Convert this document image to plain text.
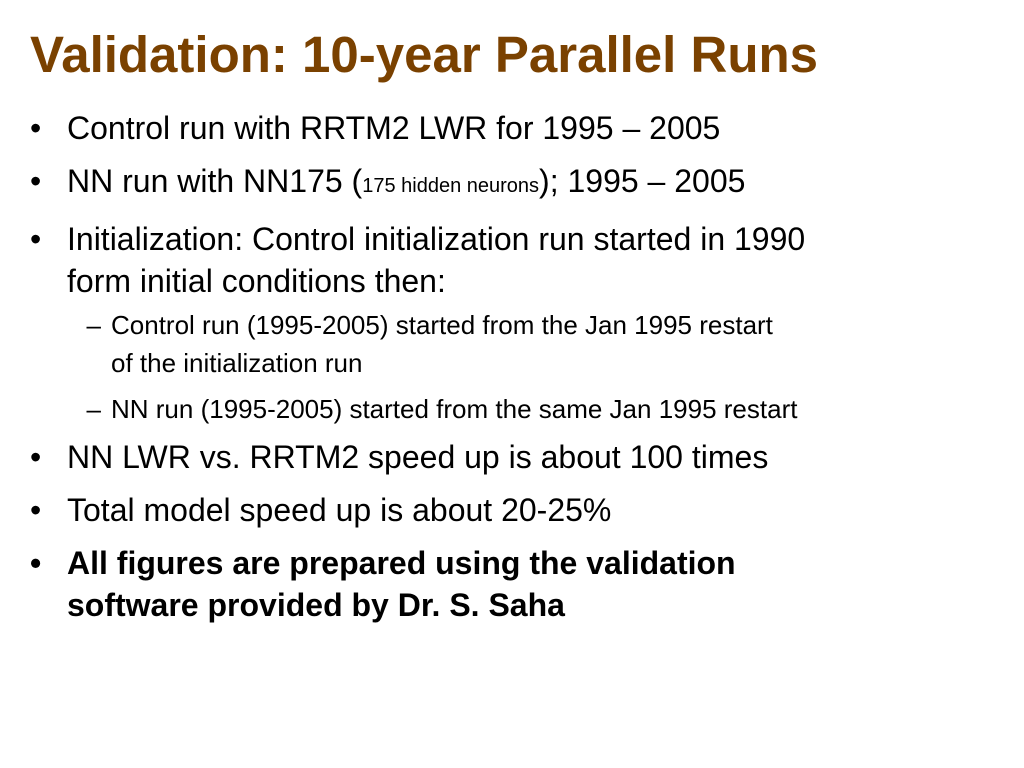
Validation: 10-year Parallel Runs
• Control run with RRTM2 LWR for 1995 – 2005
• NN run with NN175 (175 hidden neurons); 1995 – 2005
• Initialization: Control initialization run started in 1990
form initial conditions then:
– Control run (1995-2005) started from the Jan 1995 restart
of the initialization run
– NN run (1995-2005) started from the same Jan 1995 restart
• NN LWR vs. RRTM2 speed up is about 100 times
• Total model speed up is about 20-25%
• All figures are prepared using the validation
software provided by Dr. S. Saha
